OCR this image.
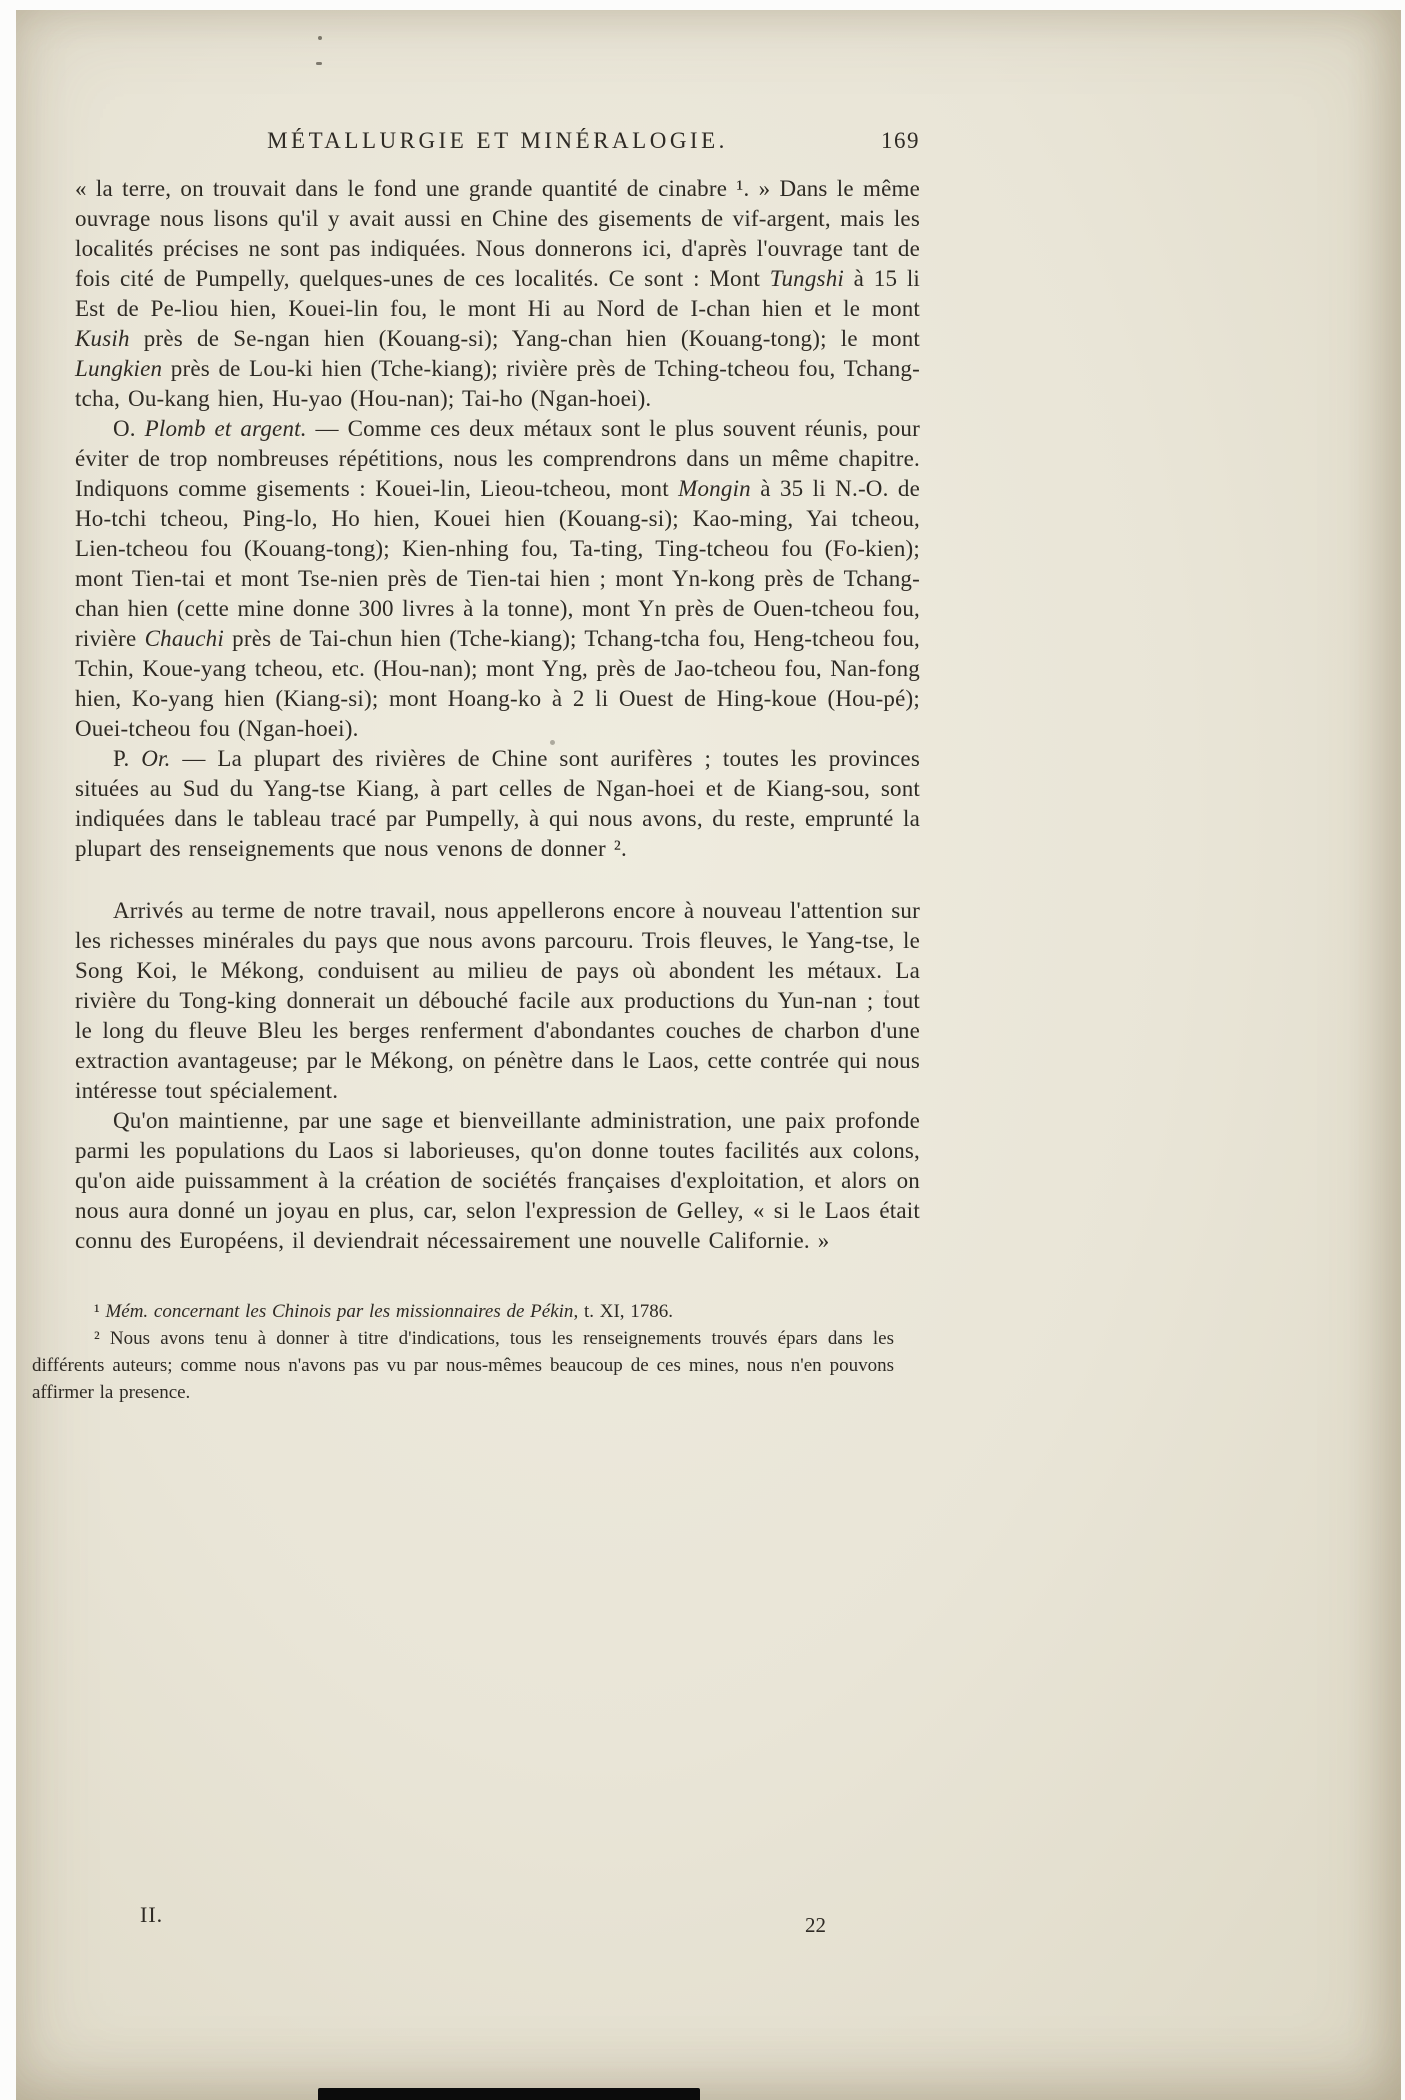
MÉTALLURGIE ET MINÉRALOGIE.	169

« la terre, on trouvait dans le fond une grande quantité de cinabre ¹. » Dans le même ouvrage nous lisons qu'il y avait aussi en Chine des gisements de vif-argent, mais les localités précises ne sont pas indiquées. Nous donnerons ici, d'après l'ouvrage tant de fois cité de Pumpelly, quelques-unes de ces localités. Ce sont : Mont Tungshi à 15 li Est de Pe-liou hien, Kouei-lin fou, le mont Hi au Nord de I-chan hien et le mont Kusih près de Se-ngan hien (Kouang-si); Yang-chan hien (Kouang-tong); le mont Lungkien près de Lou-ki hien (Tche-kiang); rivière près de Tching-tcheou fou, Tchang-tcha, Ou-kang hien, Hu-yao (Hou-nan); Tai-ho (Ngan-hoei).

O. Plomb et argent. — Comme ces deux métaux sont le plus souvent réunis, pour éviter de trop nombreuses répétitions, nous les comprendrons dans un même chapitre. Indiquons comme gisements : Kouei-lin, Lieou-tcheou, mont Mongin à 35 li N.-O. de Ho-tchi tcheou, Ping-lo, Ho hien, Kouei hien (Kouang-si); Kao-ming, Yai tcheou, Lien-tcheou fou (Kouang-tong); Kien-nhing fou, Ta-ting, Ting-tcheou fou (Fo-kien); mont Tien-tai et mont Tse-nien près de Tien-tai hien ; mont Yn-kong près de Tchang-chan hien (cette mine donne 300 livres à la tonne), mont Yn près de Ouen-tcheou fou, rivière Chauchi près de Tai-chun hien (Tche-kiang); Tchang-tcha fou, Heng-tcheou fou, Tchin, Koue-yang tcheou, etc. (Hou-nan); mont Yng, près de Jao-tcheou fou, Nan-fong hien, Ko-yang hien (Kiang-si); mont Hoang-ko à 2 li Ouest de Hing-koue (Hou-pé); Ouei-tcheou fou (Ngan-hoei).

P. Or. — La plupart des rivières de Chine sont aurifères ; toutes les provinces situées au Sud du Yang-tse Kiang, à part celles de Ngan-hoei et de Kiang-sou, sont indiquées dans le tableau tracé par Pumpelly, à qui nous avons, du reste, emprunté la plupart des renseignements que nous venons de donner ².

Arrivés au terme de notre travail, nous appellerons encore à nouveau l'attention sur les richesses minérales du pays que nous avons parcouru. Trois fleuves, le Yang-tse, le Song Koi, le Mékong, conduisent au milieu de pays où abondent les métaux. La rivière du Tong-king donnerait un débouché facile aux productions du Yun-nan ; tout le long du fleuve Bleu les berges renferment d'abondantes couches de charbon d'une extraction avantageuse; par le Mékong, on pénètre dans le Laos, cette contrée qui nous intéresse tout spécialement.

Qu'on maintienne, par une sage et bienveillante administration, une paix profonde parmi les populations du Laos si laborieuses, qu'on donne toutes facilités aux colons, qu'on aide puissamment à la création de sociétés françaises d'exploitation, et alors on nous aura donné un joyau en plus, car, selon l'expression de Gelley, « si le Laos était connu des Européens, il deviendrait nécessairement une nouvelle Californie. »

¹ Mém. concernant les Chinois par les missionnaires de Pékin, t. XI, 1786.

² Nous avons tenu à donner à titre d'indications, tous les renseignements trouvés épars dans les différents auteurs; comme nous n'avons pas vu par nous-mêmes beaucoup de ces mines, nous n'en pouvons affirmer la presence.

II.	22
